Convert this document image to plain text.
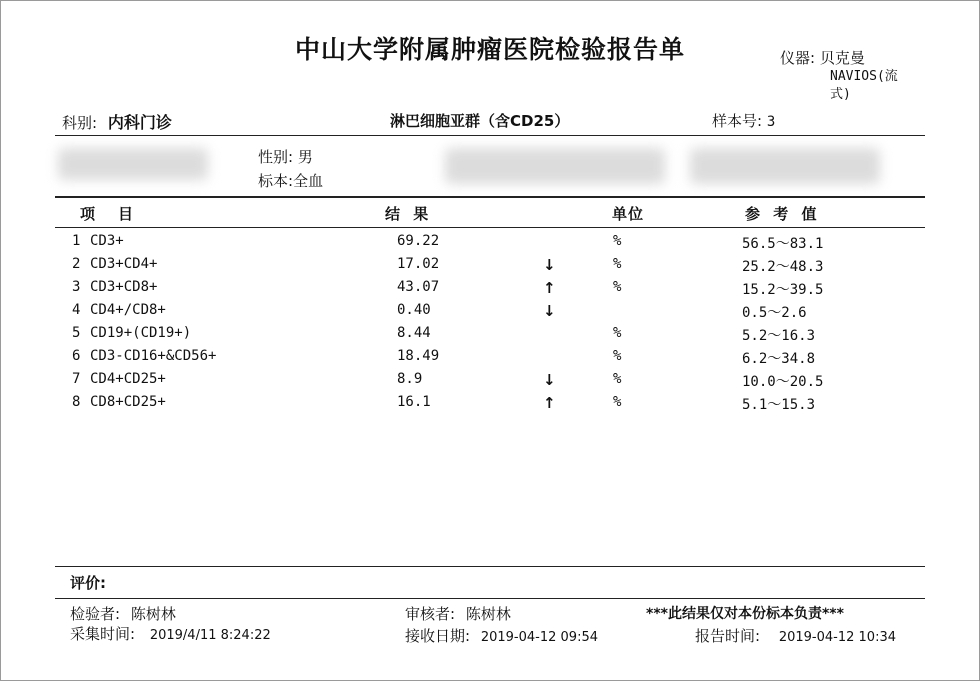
中山大学附属肿瘤医院检验报告单	仪器: 贝克曼
NAVIOS(流
式)
科别: 内科门诊	淋巴细胞亚群（含CD25）	样本号: 3
性别: 男
标本:全血
项　目	结 果	单位	参 考 值
1 CD3+	69.22	%	56.5～83.1
2 CD3+CD4+	17.02	↓	%	25.2～48.3
3 CD3+CD8+	43.07	↑	%	15.2～39.5
4 CD4+/CD8+	0.40	↓	0.5～2.6
5 CD19+(CD19+)	8.44	%	5.2～16.3
6 CD3-CD16+&CD56+	18.49	%	6.2～34.8
7 CD4+CD25+	8.9	↓	%	10.0～20.5
8 CD8+CD25+	16.1	↑	%	5.1～15.3
评价:
检验者: 陈树林	审核者: 陈树林	***此结果仅对本份标本负责***
采集时间: 2019/4/11 8:24:22	接收日期: 2019-04-12 09:54	报告时间: 2019-04-12 10:34
